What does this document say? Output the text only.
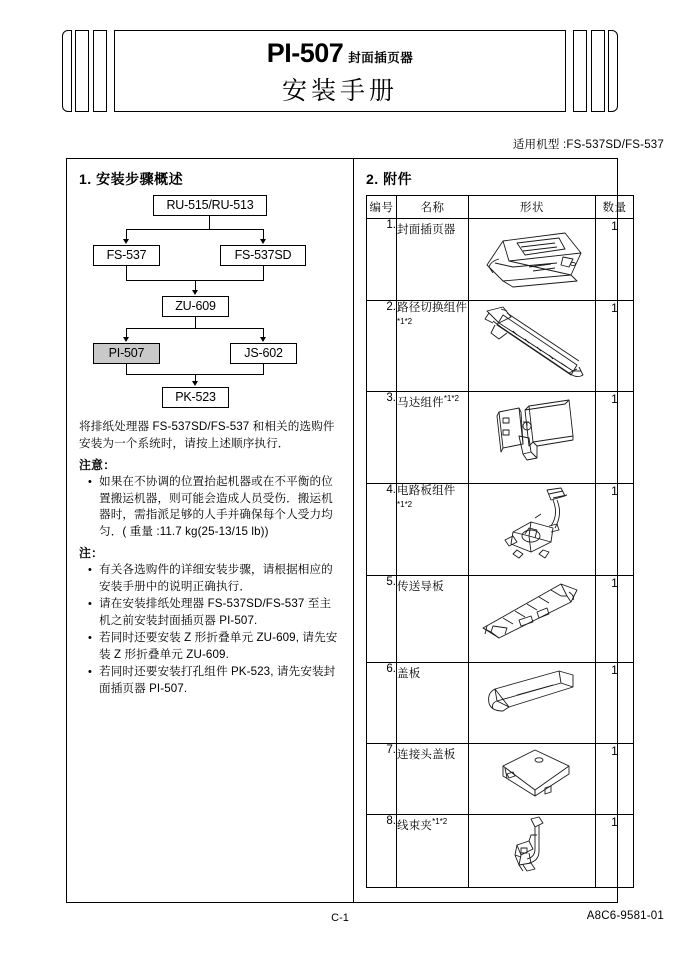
PI-507 封面插页器
安装手册
适用机型 :FS-537SD/FS-537
1. 安装步骤概述
RU-515/RU-513
FS-537	FS-537SD
ZU-609
PI-507	JS-602
PK-523

将排纸处理器 FS-537SD/FS-537 和相关的选购件安装为一个系统时，请按上述顺序执行．

注意：
• 如果在不协调的位置抬起机器或在不平衡的位置搬运机器，则可能会造成人员受伤．搬运机器时，需指派足够的人手并确保每个人受力均匀．( 重量 :11.7 kg(25-13/15 lb))
注：
• 有关各选购件的详细安装步骤，请根据相应的安装手册中的说明正确执行．
• 请在安装排纸处理器 FS-537SD/FS-537 至主机之前安装封面插页器 PI-507.
• 若同时还要安装 Z 形折叠单元 ZU-609, 请先安装 Z 形折叠单元 ZU-609.
• 若同时还要安装打孔组件 PK-523, 请先安装封面插页器 PI-507.
2. 附件
编号	名称	形状	数量
1.	封面插页器		1
2.	路径切换组件$^{*1*2}$		1
3.	马达组件$^{*1*2}$		1
4.	电路板组件$^{*1*2}$		1
5.	传送导板		1
6.	盖板		1
7.	连接头盖板		1
8.	线束夹$^{*1*2}$		1
C-1	A8C6-9581-01
